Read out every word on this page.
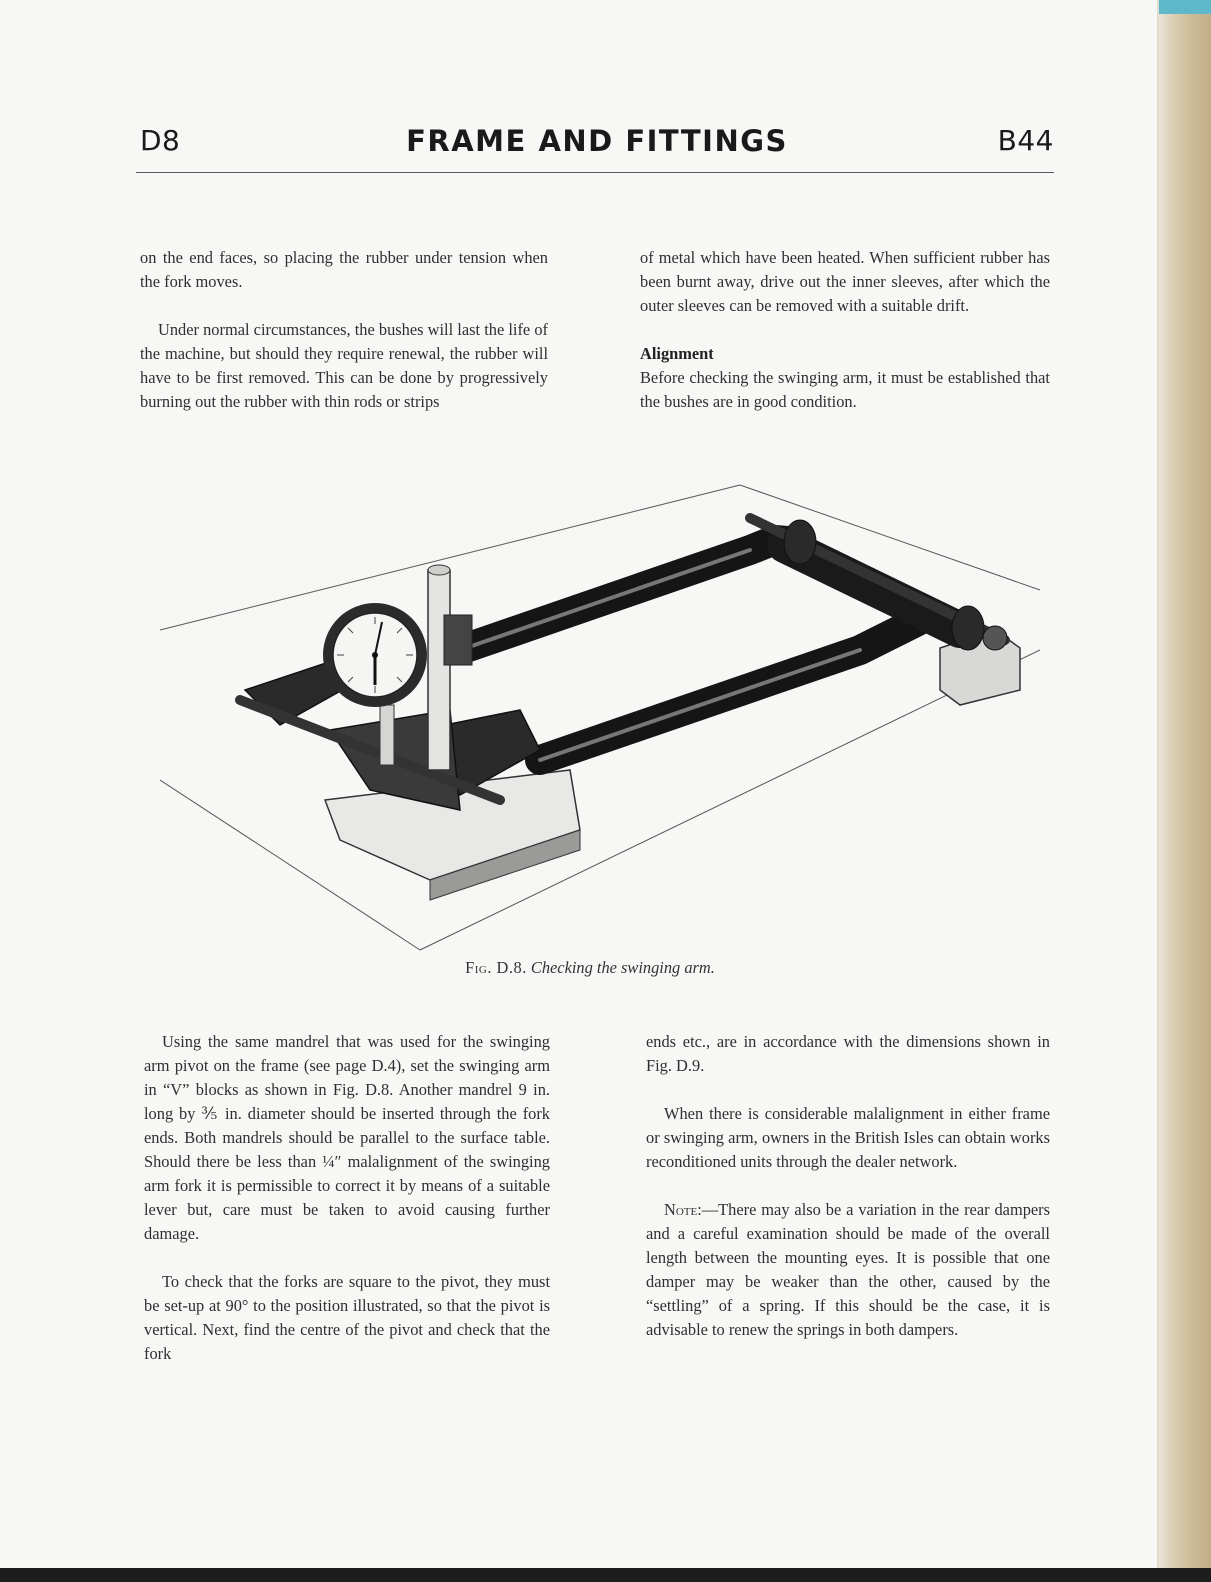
D8	FRAME AND FITTINGS	B44

on the end faces, so placing the rubber under tension when the fork moves.

Under normal circumstances, the bushes will last the life of the machine, but should they require renewal, the rubber will have to be first removed. This can be done by progressively burning out the rubber with thin rods or strips

of metal which have been heated. When sufficient rubber has been burnt away, drive out the inner sleeves, after which the outer sleeves can be removed with a suitable drift.

Alignment

Before checking the swinging arm, it must be established that the bushes are in good condition.

Fig. D.8. Checking the swinging arm.

Using the same mandrel that was used for the swinging arm pivot on the frame (see page D.4), set the swinging arm in “V” blocks as shown in Fig. D.8. Another mandrel 9 in. long by ⅗ in. diameter should be inserted through the fork ends. Both mandrels should be parallel to the surface table. Should there be less than ¼″ malalignment of the swinging arm fork it is permissible to correct it by means of a suitable lever but, care must be taken to avoid causing further damage.

To check that the forks are square to the pivot, they must be set-up at 90° to the position illustrated, so that the pivot is vertical. Next, find the centre of the pivot and check that the fork

ends etc., are in accordance with the dimensions shown in Fig. D.9.

When there is considerable malalignment in either frame or swinging arm, owners in the British Isles can obtain works reconditioned units through the dealer network.

Note:—There may also be a variation in the rear dampers and a careful examination should be made of the overall length between the mounting eyes. It is possible that one damper may be weaker than the other, caused by the “settling” of a spring. If this should be the case, it is advisable to renew the springs in both dampers.
